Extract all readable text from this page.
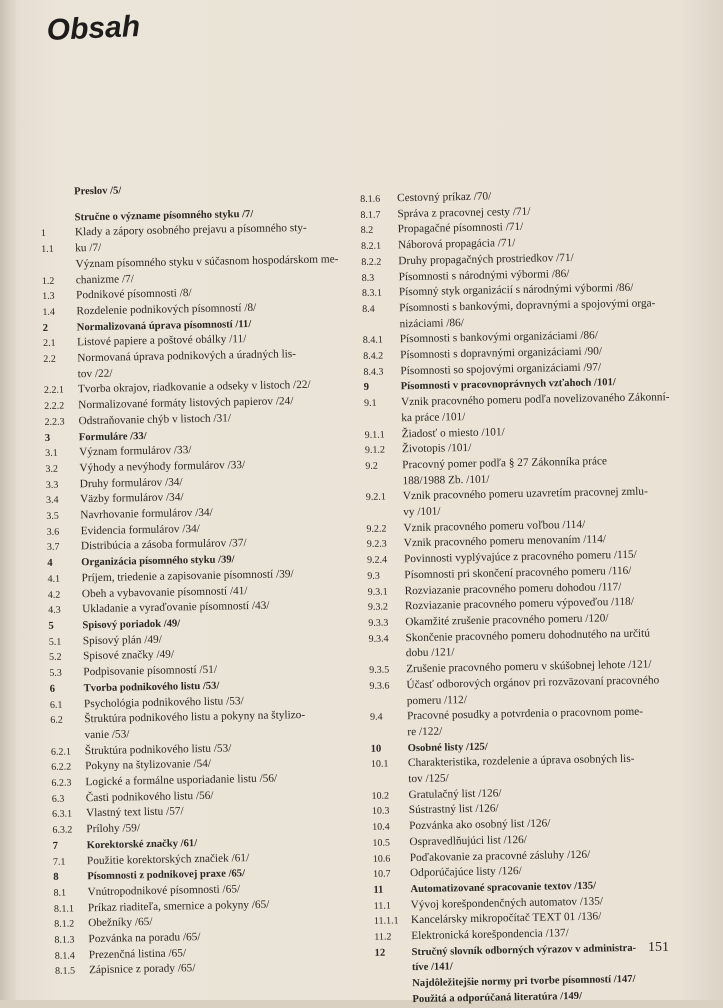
Obsah
Preslov /5/
Stručne o význame písomného styku /7/
1	Klady a zápory osobného prejavu a písomného sty-
1.1	ku /7/
Význam písomného styku v súčasnom hospodárskom me-
1.2	chanizme /7/
1.3	Podnikové písomnosti /8/
1.4	Rozdelenie podnikových písomností /8/
2	Normalizovaná úprava písomností /11/
2.1	Listové papiere a poštové obálky /11/
2.2	Normovaná úprava podnikových a úradných lis-
tov /22/
2.2.1	Tvorba okrajov, riadkovanie a odseky v listoch /22/
2.2.2	Normalizované formáty listových papierov /24/
2.2.3	Odstraňovanie chýb v listoch /31/
3	Formuláre /33/
3.1	Význam formulárov /33/
3.2	Výhody a nevýhody formulárov /33/
3.3	Druhy formulárov /34/
3.4	Väzby formulárov /34/
3.5	Navrhovanie formulárov /34/
3.6	Evidencia formulárov /34/
3.7	Distribúcia a zásoba formulárov /37/
4	Organizácia písomného styku /39/
4.1	Príjem, triedenie a zapisovanie písomností /39/
4.2	Obeh a vybavovanie písomností /41/
4.3	Ukladanie a vyraďovanie písomností /43/
5	Spisový poriadok /49/
5.1	Spisový plán /49/
5.2	Spisové značky /49/
5.3	Podpisovanie písomností /51/
6	Tvorba podnikového listu /53/
6.1	Psychológia podnikového listu /53/
6.2	Štruktúra podnikového listu a pokyny na štylizo-
vanie /53/
6.2.1	Štruktúra podnikového listu /53/
6.2.2	Pokyny na štylizovanie /54/
6.2.3	Logické a formálne usporiadanie listu /56/
6.3	Časti podnikového listu /56/
6.3.1	Vlastný text listu /57/
6.3.2	Prílohy /59/
7	Korektorské značky /61/
7.1	Použitie korektorských značiek /61/
8	Písomnosti z podnikovej praxe /65/
8.1	Vnútropodnikové písomnosti /65/
8.1.1	Príkaz riaditeľa, smernice a pokyny /65/
8.1.2	Obežníky /65/
8.1.3	Pozvánka na poradu /65/
8.1.4	Prezenčná listina /65/
8.1.5	Zápisnice z porady /65/
8.1.6	Cestovný príkaz /70/
8.1.7	Správa z pracovnej cesty /71/
8.2	Propagačné písomnosti /71/
8.2.1	Náborová propagácia /71/
8.2.2	Druhy propagačných prostriedkov /71/
8.3	Písomnosti s národnými výbormi /86/
8.3.1	Písomný styk organizácií s národnými výbormi /86/
8.4	Písomnosti s bankovými, dopravnými a spojovými orga-
nizáciami /86/
8.4.1	Písomnosti s bankovými organizáciami /86/
8.4.2	Písomnosti s dopravnými organizáciami /90/
8.4.3	Písomnosti so spojovými organizáciami /97/
9	Písomnosti v pracovnoprávnych vzťahoch /101/
9.1	Vznik pracovného pomeru podľa novelizovaného Zákonní-
ka práce /101/
9.1.1	Žiadosť o miesto /101/
9.1.2	Životopis /101/
9.2	Pracovný pomer podľa § 27 Zákonníka práce
188/1988 Zb. /101/
9.2.1	Vznik pracovného pomeru uzavretím pracovnej zmlu-
vy /101/
9.2.2	Vznik pracovného pomeru voľbou /114/
9.2.3	Vznik pracovného pomeru menovaním /114/
9.2.4	Povinnosti vyplývajúce z pracovného pomeru /115/
9.3	Písomnosti pri skončení pracovného pomeru /116/
9.3.1	Rozviazanie pracovného pomeru dohodou /117/
9.3.2	Rozviazanie pracovného pomeru výpoveďou /118/
9.3.3	Okamžité zrušenie pracovného pomeru /120/
9.3.4	Skončenie pracovného pomeru dohodnutého na určitú
dobu /121/
9.3.5	Zrušenie pracovného pomeru v skúšobnej lehote /121/
9.3.6	Účasť odborových orgánov pri rozväzovaní pracovného
pomeru /112/
9.4	Pracovné posudky a potvrdenia o pracovnom pome-
re /122/
10	Osobné listy /125/
10.1	Charakteristika, rozdelenie a úprava osobných lis-
tov /125/
10.2	Gratulačný list /126/
10.3	Sústrastný list /126/
10.4	Pozvánka ako osobný list /126/
10.5	Ospravedlňujúci list /126/
10.6	Poďakovanie za pracovné zásluhy /126/
10.7	Odporúčajúce listy /126/
11	Automatizované spracovanie textov /135/
11.1	Vývoj korešpondenčných automatov /135/
11.1.1	Kancelársky mikropočítač TEXT 01 /136/
11.2	Elektronická korešpondencia /137/
12	Stručný slovník odborných výrazov v administra-
tíve /141/
Najdôležitejšie normy pri tvorbe písomností /147/
Použitá a odporúčaná literatúra /149/
151
